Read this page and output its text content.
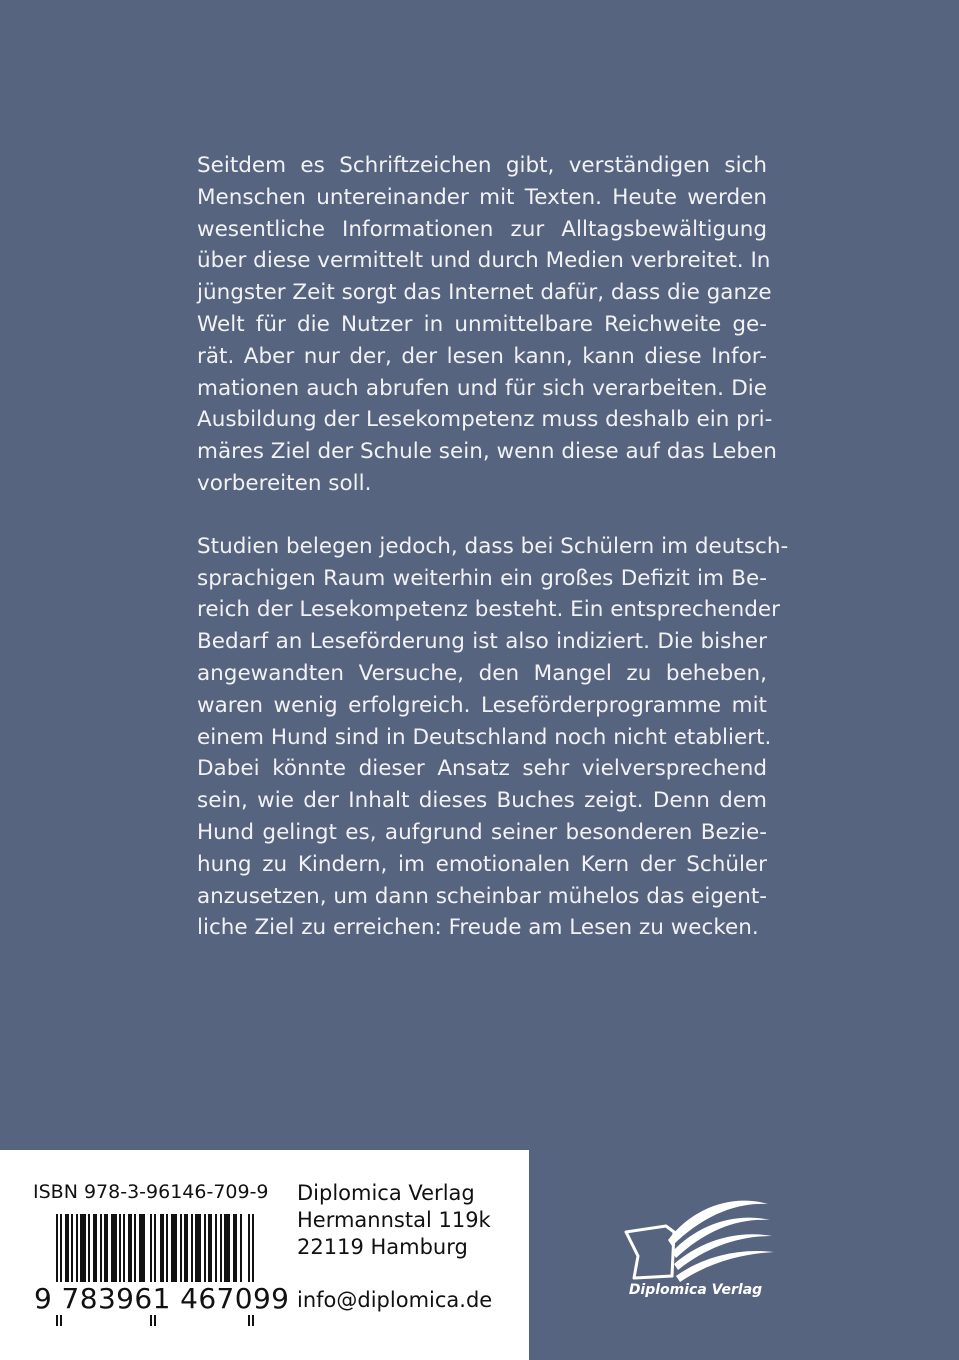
Seitdem es Schriftzeichen gibt, verständigen sich
Menschen untereinander mit Texten. Heute werden
wesentliche Informationen zur Alltagsbewältigung
über diese vermittelt und durch Medien verbreitet. In
jüngster Zeit sorgt das Internet dafür, dass die ganze
Welt für die Nutzer in unmittelbare Reichweite ge-
rät. Aber nur der, der lesen kann, kann diese Infor-
mationen auch abrufen und für sich verarbeiten. Die
Ausbildung der Lesekompetenz muss deshalb ein pri-
märes Ziel der Schule sein, wenn diese auf das Leben
vorbereiten soll.
Studien belegen jedoch, dass bei Schülern im deutsch-
sprachigen Raum weiterhin ein großes Defizit im Be-
reich der Lesekompetenz besteht. Ein entsprechender
Bedarf an Leseförderung ist also indiziert. Die bisher
angewandten Versuche, den Mangel zu beheben,
waren wenig erfolgreich. Leseförderprogramme mit
einem Hund sind in Deutschland noch nicht etabliert.
Dabei könnte dieser Ansatz sehr vielversprechend
sein, wie der Inhalt dieses Buches zeigt. Denn dem
Hund gelingt es, aufgrund seiner besonderen Bezie-
hung zu Kindern, im emotionalen Kern der Schüler
anzusetzen, um dann scheinbar mühelos das eigent-
liche Ziel zu erreichen: Freude am Lesen zu wecken.
ISBN 978-3-96146-709-9
9 783961 467099
Diplomica Verlag
Hermannstal 119k
22119 Hamburg
info@diplomica.de	Diplomica Verlag
